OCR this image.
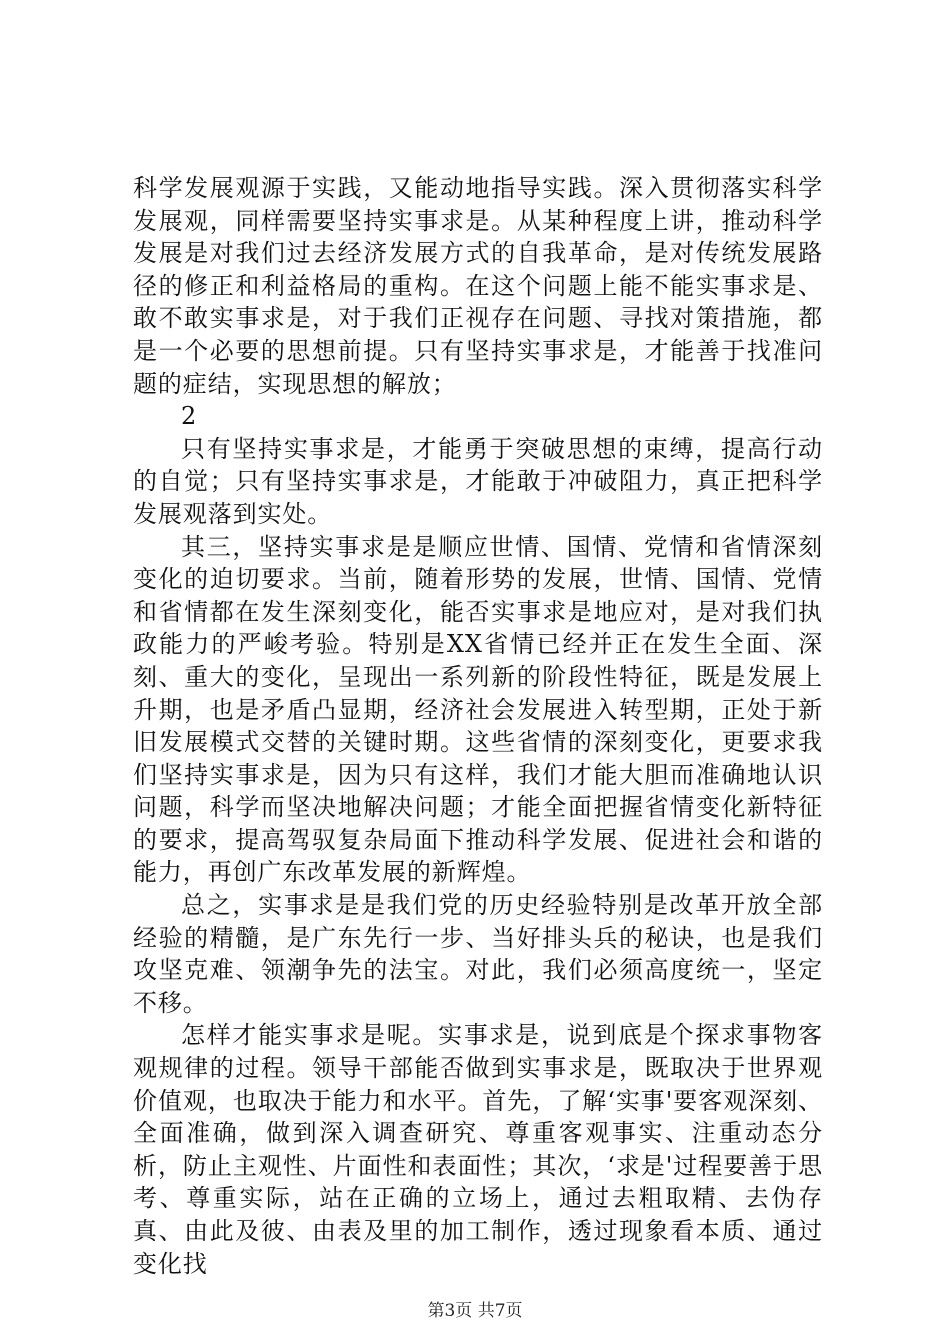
科学发展观源于实践，又能动地指导实践。深入贯彻落实科学发展观，同样需要坚持实事求是。从某种程度上讲，推动科学发展是对我们过去经济发展方式的自我革命，是对传统发展路径的修正和利益格局的重构。在这个问题上能不能实事求是、敢不敢实事求是，对于我们正视存在问题、寻找对策措施，都是一个必要的思想前提。只有坚持实事求是，才能善于找准问题的症结，实现思想的解放；

2

只有坚持实事求是，才能勇于突破思想的束缚，提高行动的自觉；只有坚持实事求是，才能敢于冲破阻力，真正把科学发展观落到实处。

其三，坚持实事求是是顺应世情、国情、党情和省情深刻变化的迫切要求。当前，随着形势的发展，世情、国情、党情和省情都在发生深刻变化，能否实事求是地应对，是对我们执政能力的严峻考验。特别是XX省情已经并正在发生全面、深刻、重大的变化，呈现出一系列新的阶段性特征，既是发展上升期，也是矛盾凸显期，经济社会发展进入转型期，正处于新旧发展模式交替的关键时期。这些省情的深刻变化，更要求我们坚持实事求是，因为只有这样，我们才能大胆而准确地认识问题，科学而坚决地解决问题；才能全面把握省情变化新特征的要求，提高驾驭复杂局面下推动科学发展、促进社会和谐的能力，再创广东改革发展的新辉煌。

总之，实事求是是我们党的历史经验特别是改革开放全部经验的精髓，是广东先行一步、当好排头兵的秘诀，也是我们攻坚克难、领潮争先的法宝。对此，我们必须高度统一，坚定不移。

怎样才能实事求是呢。实事求是，说到底是个探求事物客观规律的过程。领导干部能否做到实事求是，既取决于世界观价值观，也取决于能力和水平。首先，了解‘实事'要客观深刻、全面准确，做到深入调查研究、尊重客观事实、注重动态分析，防止主观性、片面性和表面性；其次，‘求是'过程要善于思考、尊重实际，站在正确的立场上，通过去粗取精、去伪存真、由此及彼、由表及里的加工制作，透过现象看本质、通过变化找

第3页 共7页
